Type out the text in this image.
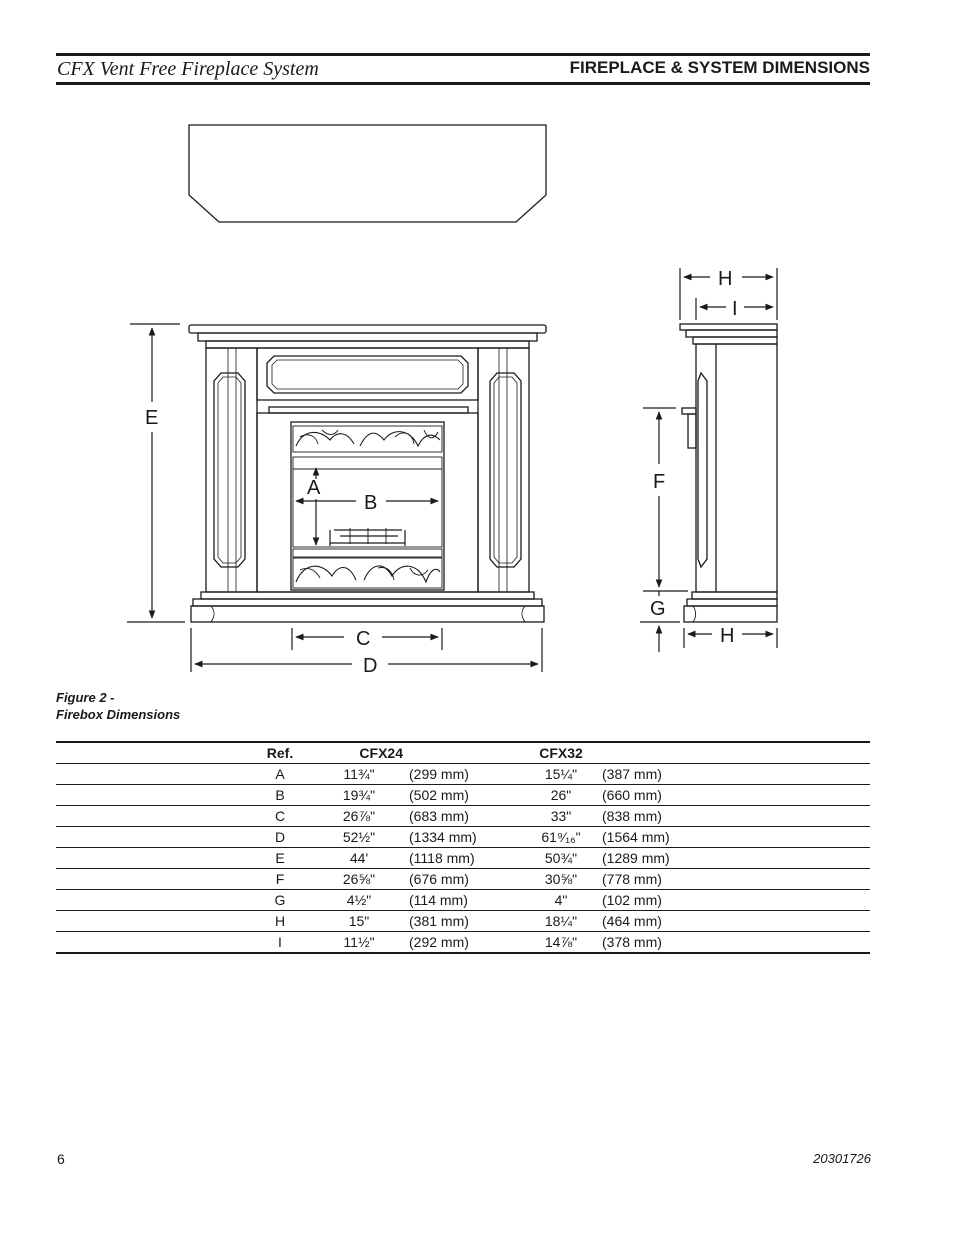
CFX Vent Free Fireplace System	FIREPLACE & SYSTEM DIMENSIONS
E
A
B
C
D
H
I
F
G
H
Figure 2 -
Firebox Dimensions
	Ref.	CFX24		CFX32	
	A	11¾"	(299 mm)	15¼"	(387 mm)
	B	19¾"	(502 mm)	26"	(660 mm)
	C	26⅞"	(683 mm)	33"	(838 mm)
	D	52½"	(1334 mm)	61⁹⁄₁₆"	(1564 mm)
	E	44'	(1118 mm)	50¾"	(1289 mm)
	F	26⅝"	(676 mm)	30⅝"	(778 mm)
	G	4½"	(114 mm)	4"	(102 mm)
	H	15"	(381 mm)	18¼"	(464 mm)
	I	11½"	(292 mm)	14⅞"	(378 mm)
6	20301726
